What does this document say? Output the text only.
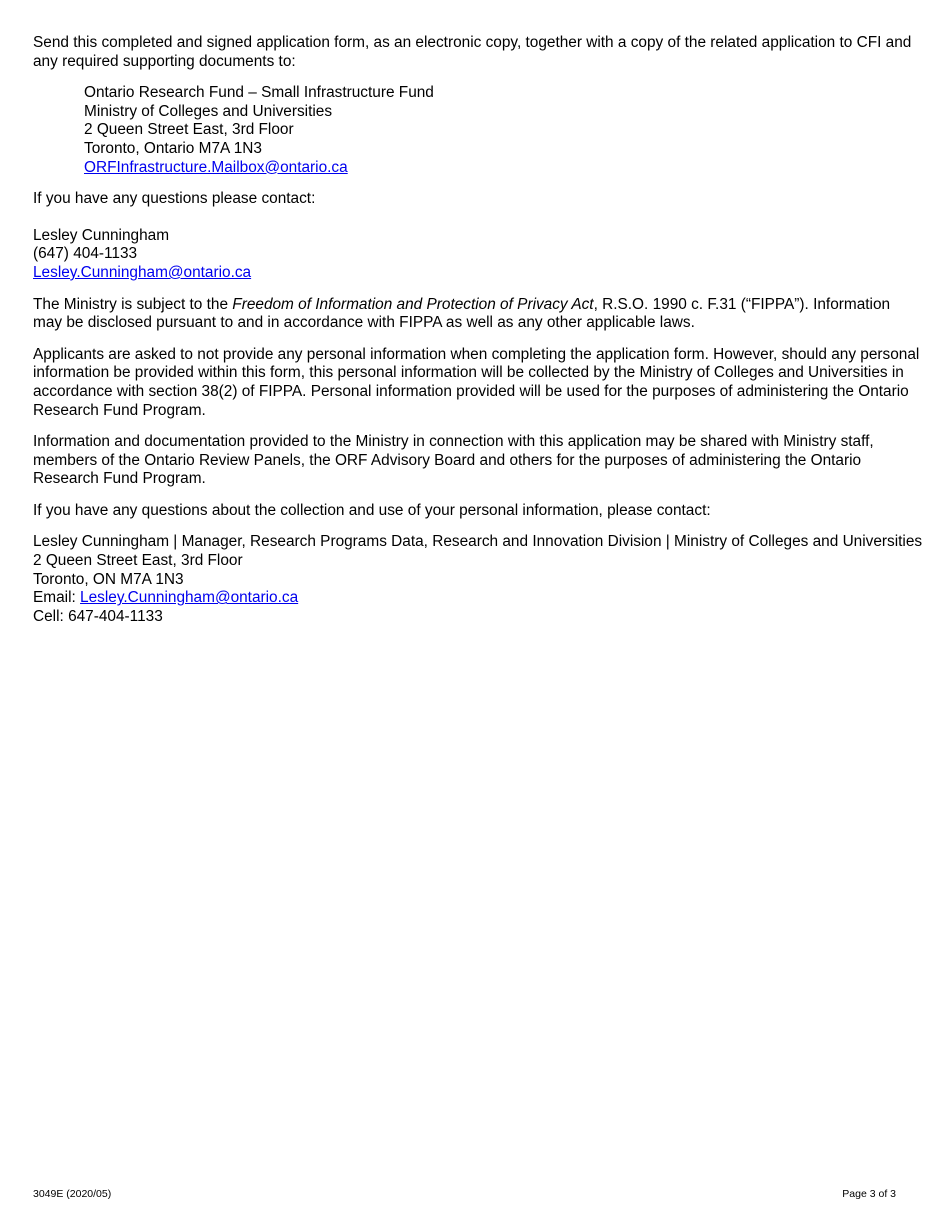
Send this completed and signed application form, as an electronic copy, together with a copy of the related application to CFI and any required supporting documents to:

Ontario Research Fund – Small Infrastructure Fund
Ministry of Colleges and Universities
2 Queen Street East, 3rd Floor
Toronto, Ontario M7A 1N3
ORFInfrastructure.Mailbox@ontario.ca

If you have any questions please contact:

Lesley Cunningham
(647) 404-1133
Lesley.Cunningham@ontario.ca

The Ministry is subject to the Freedom of Information and Protection of Privacy Act, R.S.O. 1990 c. F.31 (“FIPPA”). Information may be disclosed pursuant to and in accordance with FIPPA as well as any other applicable laws.

Applicants are asked to not provide any personal information when completing the application form. However, should any personal information be provided within this form, this personal information will be collected by the Ministry of Colleges and Universities in accordance with section 38(2) of FIPPA. Personal information provided will be used for the purposes of administering the Ontario Research Fund Program.

Information and documentation provided to the Ministry in connection with this application may be shared with Ministry staff, members of the Ontario Review Panels, the ORF Advisory Board and others for the purposes of administering the Ontario Research Fund Program.

If you have any questions about the collection and use of your personal information, please contact:

Lesley Cunningham | Manager, Research Programs Data, Research and Innovation Division | Ministry of Colleges and Universities
2 Queen Street East, 3rd Floor
Toronto, ON M7A 1N3
Email: Lesley.Cunningham@ontario.ca
Cell: 647-404-1133
3049E (2020/05)	Page 3 of 3
